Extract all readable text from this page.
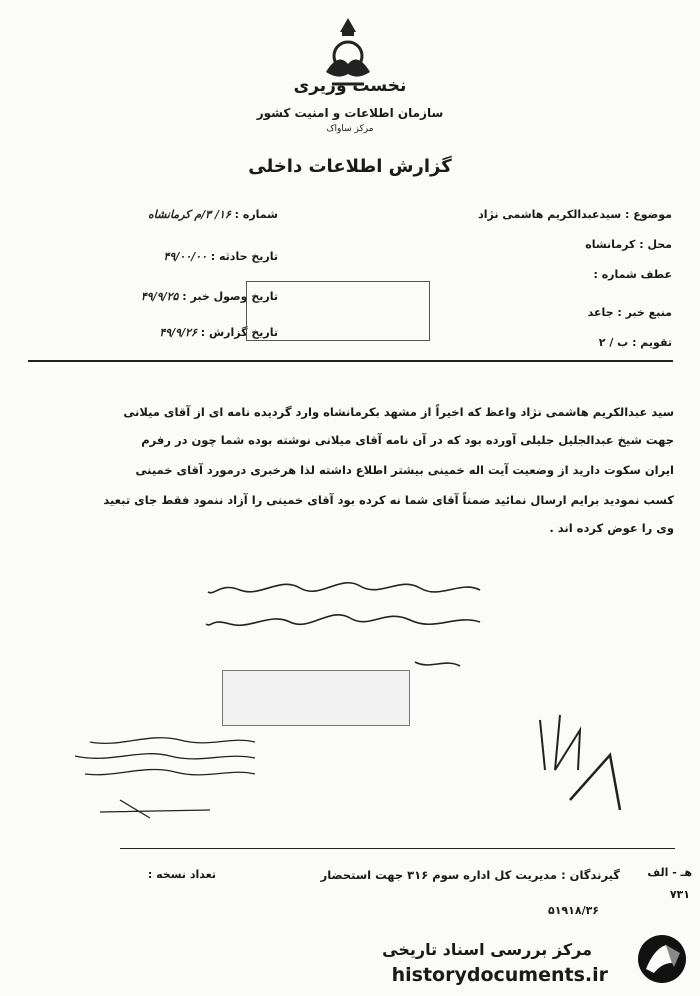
نخست وزیری
سازمان اطلاعات و امنیت کشور
مرکز ساواک
گزارش اطلاعات داخلی
موضوع : سیدعبدالکریم هاشمی نژاد
محل : کرمانشاه
عطف شماره :
منبع خبر : جاعد
تقویم : ب / ۲
شماره : ۱۶/ ۳/م کرمانشاه
تاریخ حادثه : ۴۹/۰۰/۰۰
تاریخ وصول خبر : ۴۹/۹/۲۵
تاریخ گزارش : ۴۹/۹/۲۶
سید عبدالکریم هاشمی نژاد واعظ که اخیراً از مشهد بکرمانشاه وارد گردیده نامه ای از آقای میلانی
جهت شیخ عبدالجلیل جلیلی آورده بود که در آن نامه آقای میلانی نوشته بوده شما چون در رفرم
ایران سکوت دارید از وضعیت آیت اله خمینی بیشتر اطلاع داشته لذا هرخبری درمورد آقای خمینی
کسب نمودید برایم ارسال نمائید ضمناً آقای شما نه کرده بود آقای خمینی را آزاد ننمود فقط جای تبعید
وی را عوض کرده اند .
گیرندگان : مدیریت کل اداره سوم ۳۱۶ جهت استحضار
تعداد نسخه :	هـ - الف
۷۳۱
۵۱۹۱۸/۳۶
مرکز بررسی اسناد تاریخی
historydocuments.ir
